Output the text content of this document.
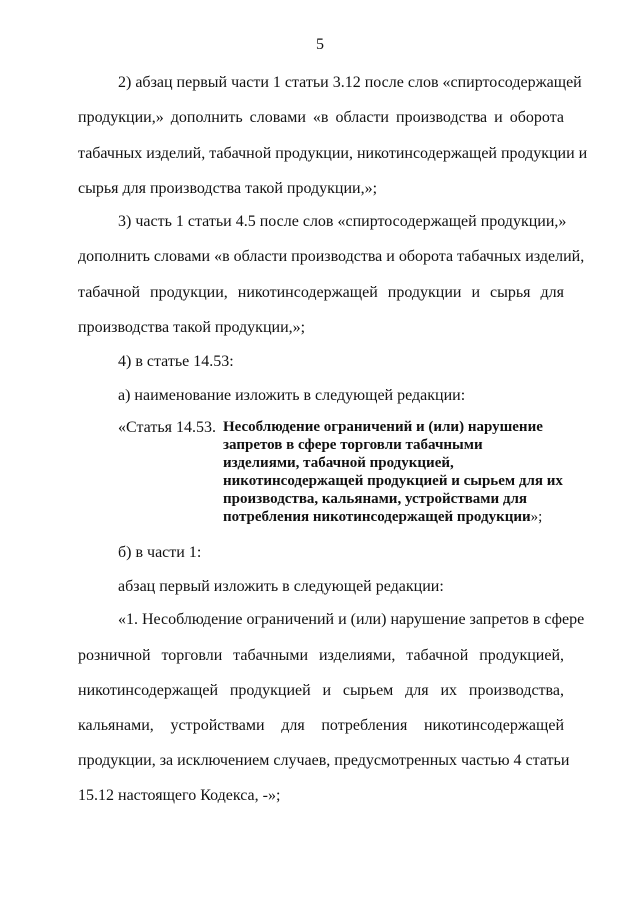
5
2) абзац первый части 1 статьи 3.12 после слов «спиртосодержащей
продукции,» дополнить словами «в области производства и оборота
табачных изделий, табачной продукции, никотинсодержащей продукции и
сырья для производства такой продукции,»;
3) часть 1 статьи 4.5 после слов «спиртосодержащей продукции,»
дополнить словами «в области производства и оборота табачных изделий,
табачной продукции, никотинсодержащей продукции и сырья для
производства такой продукции,»;
4) в статье 14.53:
а) наименование изложить в следующей редакции:
«Статья 14.53. Несоблюдение ограничений и (или) нарушение
запретов в сфере торговли табачными
изделиями, табачной продукцией,
никотинсодержащей продукцией и сырьем для их
производства, кальянами, устройствами для
потребления никотинсодержащей продукции»;
б) в части 1:
абзац первый изложить в следующей редакции:
«1. Несоблюдение ограничений и (или) нарушение запретов в сфере
розничной торговли табачными изделиями, табачной продукцией,
никотинсодержащей продукцией и сырьем для их производства,
кальянами, устройствами для потребления никотинсодержащей
продукции, за исключением случаев, предусмотренных частью 4 статьи
15.12 настоящего Кодекса, -»;
